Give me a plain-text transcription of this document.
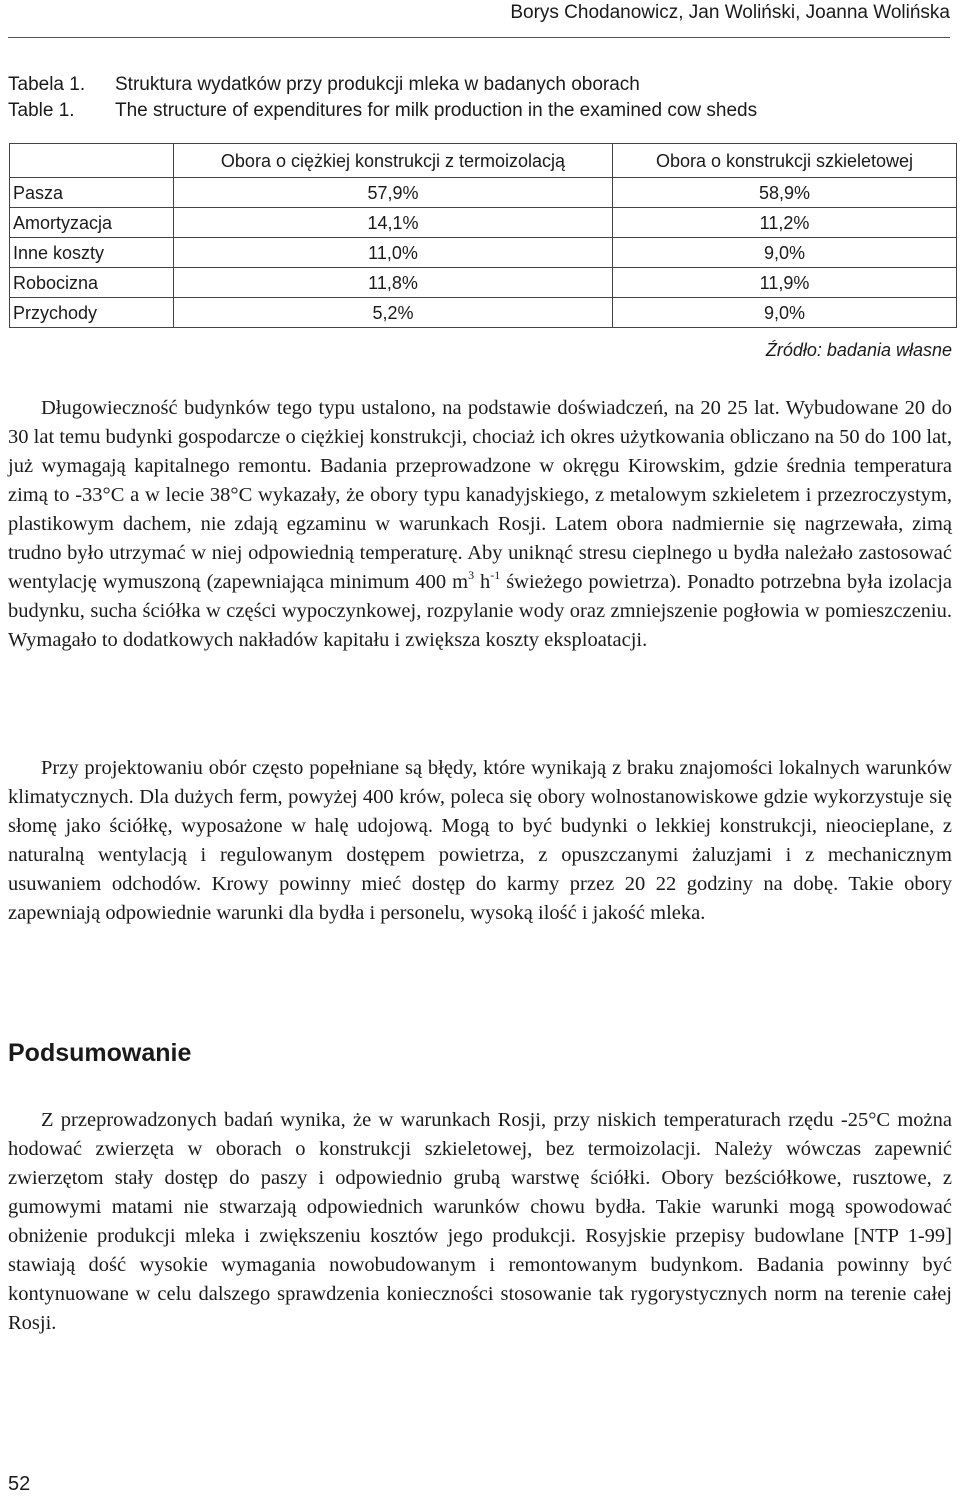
Borys Chodanowicz, Jan Woliński, Joanna Wolińska
Tabela 1.	Struktura wydatków przy produkcji mleka w badanych oborach
Table 1.	The structure of expenditures for milk production in the examined cow sheds
	Obora o ciężkiej konstrukcji z termoizolacją	Obora o konstrukcji szkieletowej
Pasza	57,9%	58,9%
Amortyzacja	14,1%	11,2%
Inne koszty	11,0%	9,0%
Robocizna	11,8%	11,9%
Przychody	5,2%	9,0%
Źródło: badania własne

Długowieczność budynków tego typu ustalono, na podstawie doświadczeń, na 20 25 lat. Wybudowane 20 do 30 lat temu budynki gospodarcze o ciężkiej konstrukcji, chociaż ich okres użytkowania obliczano na 50 do 100 lat, już wymagają kapitalnego remontu. Badania przeprowadzone w okręgu Kirowskim, gdzie średnia temperatura zimą to -33°C a w lecie 38°C wykazały, że obory typu kanadyjskiego, z metalowym szkieletem i przezroczystym, plastikowym dachem, nie zdają egzaminu w warunkach Rosji. Latem obora nadmiernie się nagrzewała, zimą trudno było utrzymać w niej odpowiednią temperaturę. Aby uniknąć stresu cieplnego u bydła należało zastosować wentylację wymuszoną (zapewniająca minimum 400 $m^3$ $h^{-1}$ świeżego powietrza). Ponadto potrzebna była izolacja budynku, sucha ściółka w części wypoczynkowej, rozpylanie wody oraz zmniejszenie pogłowia w pomieszczeniu. Wymagało to dodatkowych nakładów kapitału i zwiększa koszty eksploatacji.

Przy projektowaniu obór często popełniane są błędy, które wynikają z braku znajomości lokalnych warunków klimatycznych. Dla dużych ferm, powyżej 400 krów, poleca się obory wolnostanowiskowe gdzie wykorzystuje się słomę jako ściółkę, wyposażone w halę udojową. Mogą to być budynki o lekkiej konstrukcji, nieocieplane, z naturalną wentylacją i regulowanym dostępem powietrza, z opuszczanymi żaluzjami i z mechanicznym usuwaniem odchodów. Krowy powinny mieć dostęp do karmy przez 20 22 godziny na dobę. Takie obory zapewniają odpowiednie warunki dla bydła i personelu, wysoką ilość i jakość mleka.

Podsumowanie

Z przeprowadzonych badań wynika, że w warunkach Rosji, przy niskich temperaturach rzędu -25°C można hodować zwierzęta w oborach o konstrukcji szkieletowej, bez termoizolacji. Należy wówczas zapewnić zwierzętom stały dostęp do paszy i odpowiednio grubą warstwę ściółki. Obory bezściółkowe, rusztowe, z gumowymi matami nie stwarzają odpowiednich warunków chowu bydła. Takie warunki mogą spowodować obniżenie produkcji mleka i zwiększeniu kosztów jego produkcji. Rosyjskie przepisy budowlane [NTP 1-99] stawiają dość wysokie wymagania nowobudowanym i remontowanym budynkom. Badania powinny być kontynuowane w celu dalszego sprawdzenia konieczności stosowanie tak rygorystycznych norm na terenie całej Rosji.

52
